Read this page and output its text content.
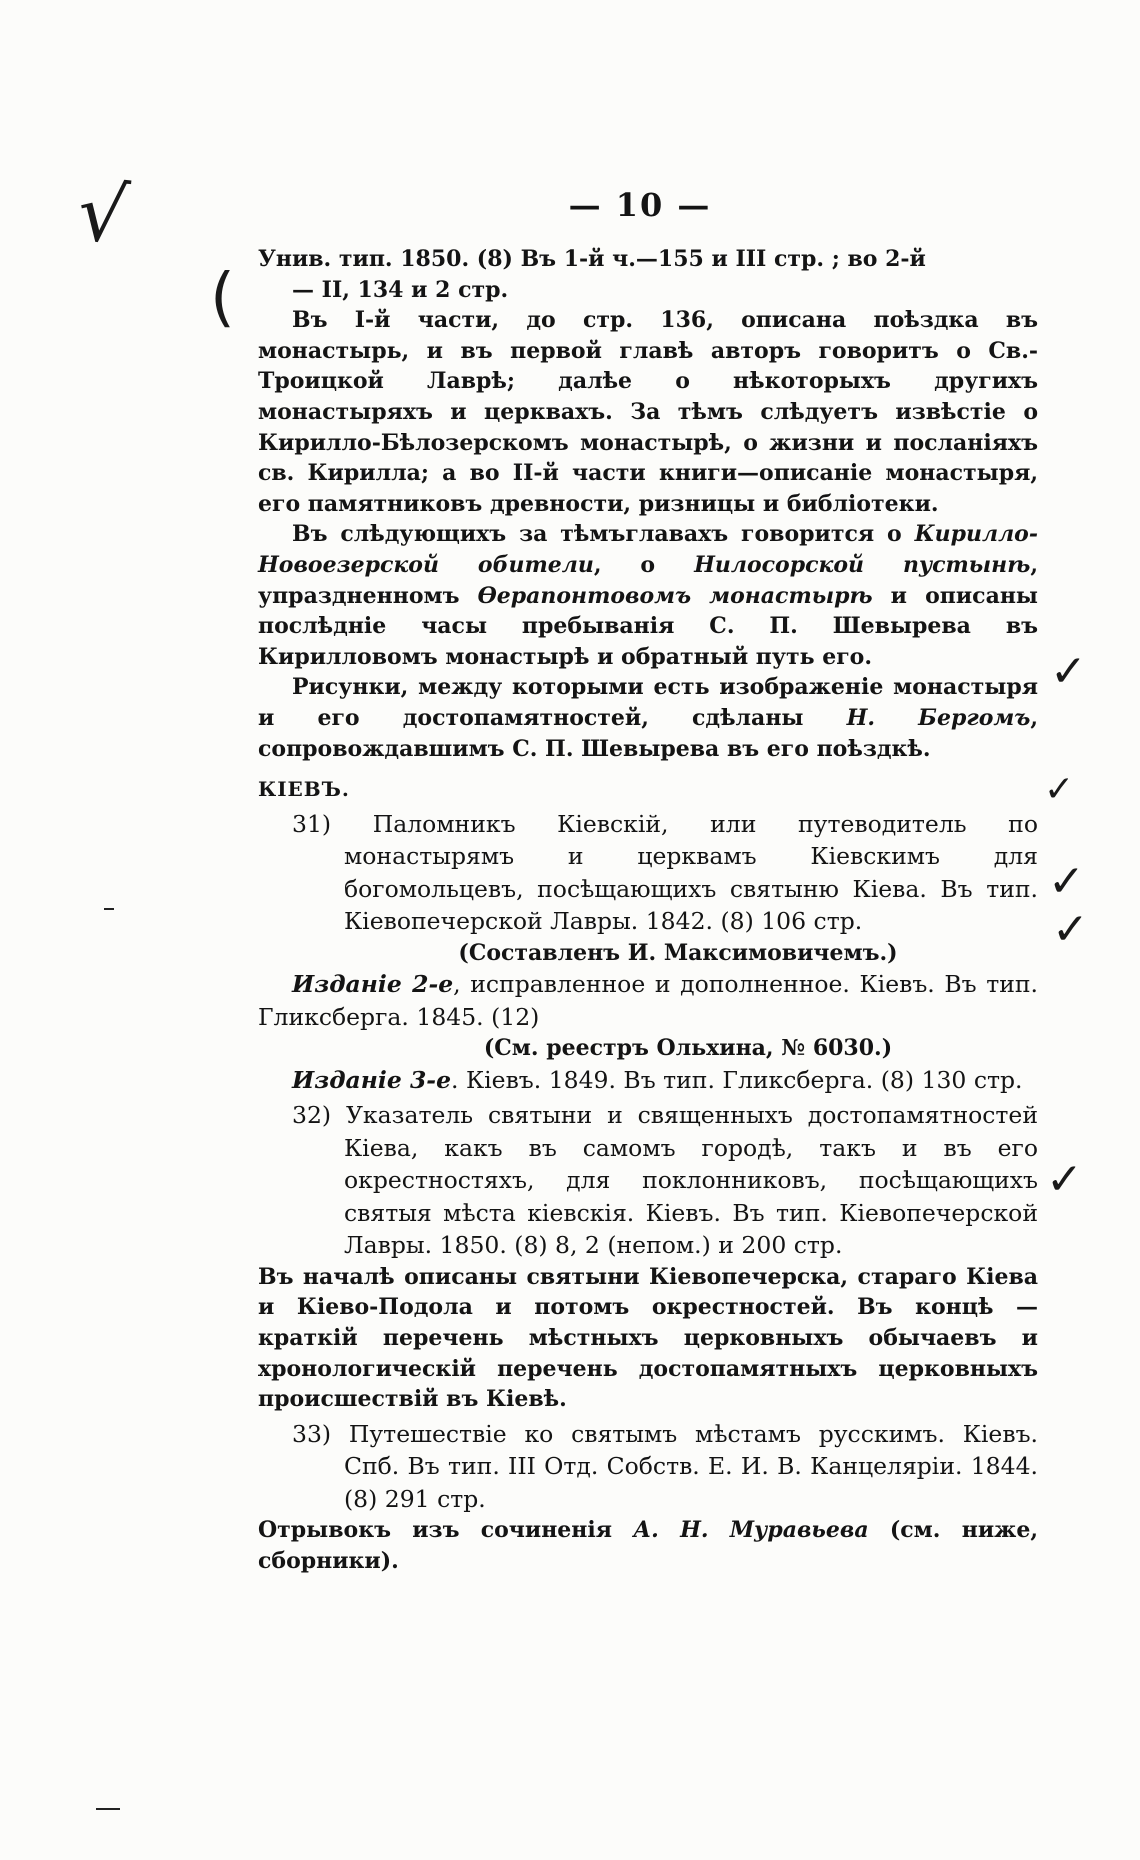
— 10 —
√
(
✓
✓
✓
✓
✓

Унив. тип. 1850. (8) Въ 1-й ч.—155 и III стр. ; во 2-й

— II, 134 и 2 стр.

Въ I-й части, до стр. 136, описана поѣздка въ монастырь, и въ первой главѣ авторъ говоритъ о Св.-Троицкой Лаврѣ; далѣе о нѣкоторыхъ другихъ монастыряхъ и церквахъ. За тѣмъ слѣдуетъ извѣстіе о Кирилло-Бѣлозерскомъ монастырѣ, о жизни и посланіяхъ св. Кирилла; а во II-й части книги—описаніе монастыря, его памятниковъ древности, ризницы и библіотеки.

Въ слѣдующихъ за тѣмъглавахъ говорится о Кирилло-Новоезерской обители, о Нилосорской пустынѣ, упраздненномъ Ѳерапонтовомъ монастырѣ и описаны послѣдніе часы пребыванія С. П. Шевырева въ Кирилловомъ монастырѣ и обратный путь его.

Рисунки, между которыми есть изображеніе монастыря и его достопамятностей, сдѣланы Н. Бергомъ, сопровождавшимъ С. П. Шевырева въ его поѣздкѣ.

КІЕВЪ.

31) Паломникъ Кіевскій, или путеводитель по монастырямъ и церквамъ Кіевскимъ для богомольцевъ, посѣщающихъ святыню Кіева. Въ тип. Кіевопечерской Лавры. 1842. (8) 106 стр.

(Составленъ И. Максимовичемъ.)

Изданіе 2-е, исправленное и дополненное. Кіевъ. Въ тип. Гликсберга. 1845. (12)

(См. реестръ Ольхина, № 6030.)

Изданіе 3-е. Кіевъ. 1849. Въ тип. Гликсберга. (8) 130 стр.

32) Указатель святыни и священныхъ достопамятностей Кіева, какъ въ самомъ городѣ, такъ и въ его окрестностяхъ, для поклонниковъ, посѣщающихъ святыя мѣста кіевскія. Кіевъ. Въ тип. Кіевопечерской Лавры. 1850. (8) 8, 2 (непом.) и 200 стр.

Въ началѣ описаны святыни Кіевопечерска, стараго Кіева и Кіево-Подола и потомъ окрестностей. Въ концѣ — краткій перечень мѣстныхъ церковныхъ обычаевъ и хронологическій перечень достопамятныхъ церковныхъ происшествій въ Кіевѣ.

33) Путешествіе ко святымъ мѣстамъ русскимъ. Кіевъ. Спб. Въ тип. III Отд. Собств. Е. И. В. Канцеляріи. 1844. (8) 291 стр.

Отрывокъ изъ сочиненія А. Н. Муравьева (см. ниже, сборники).
